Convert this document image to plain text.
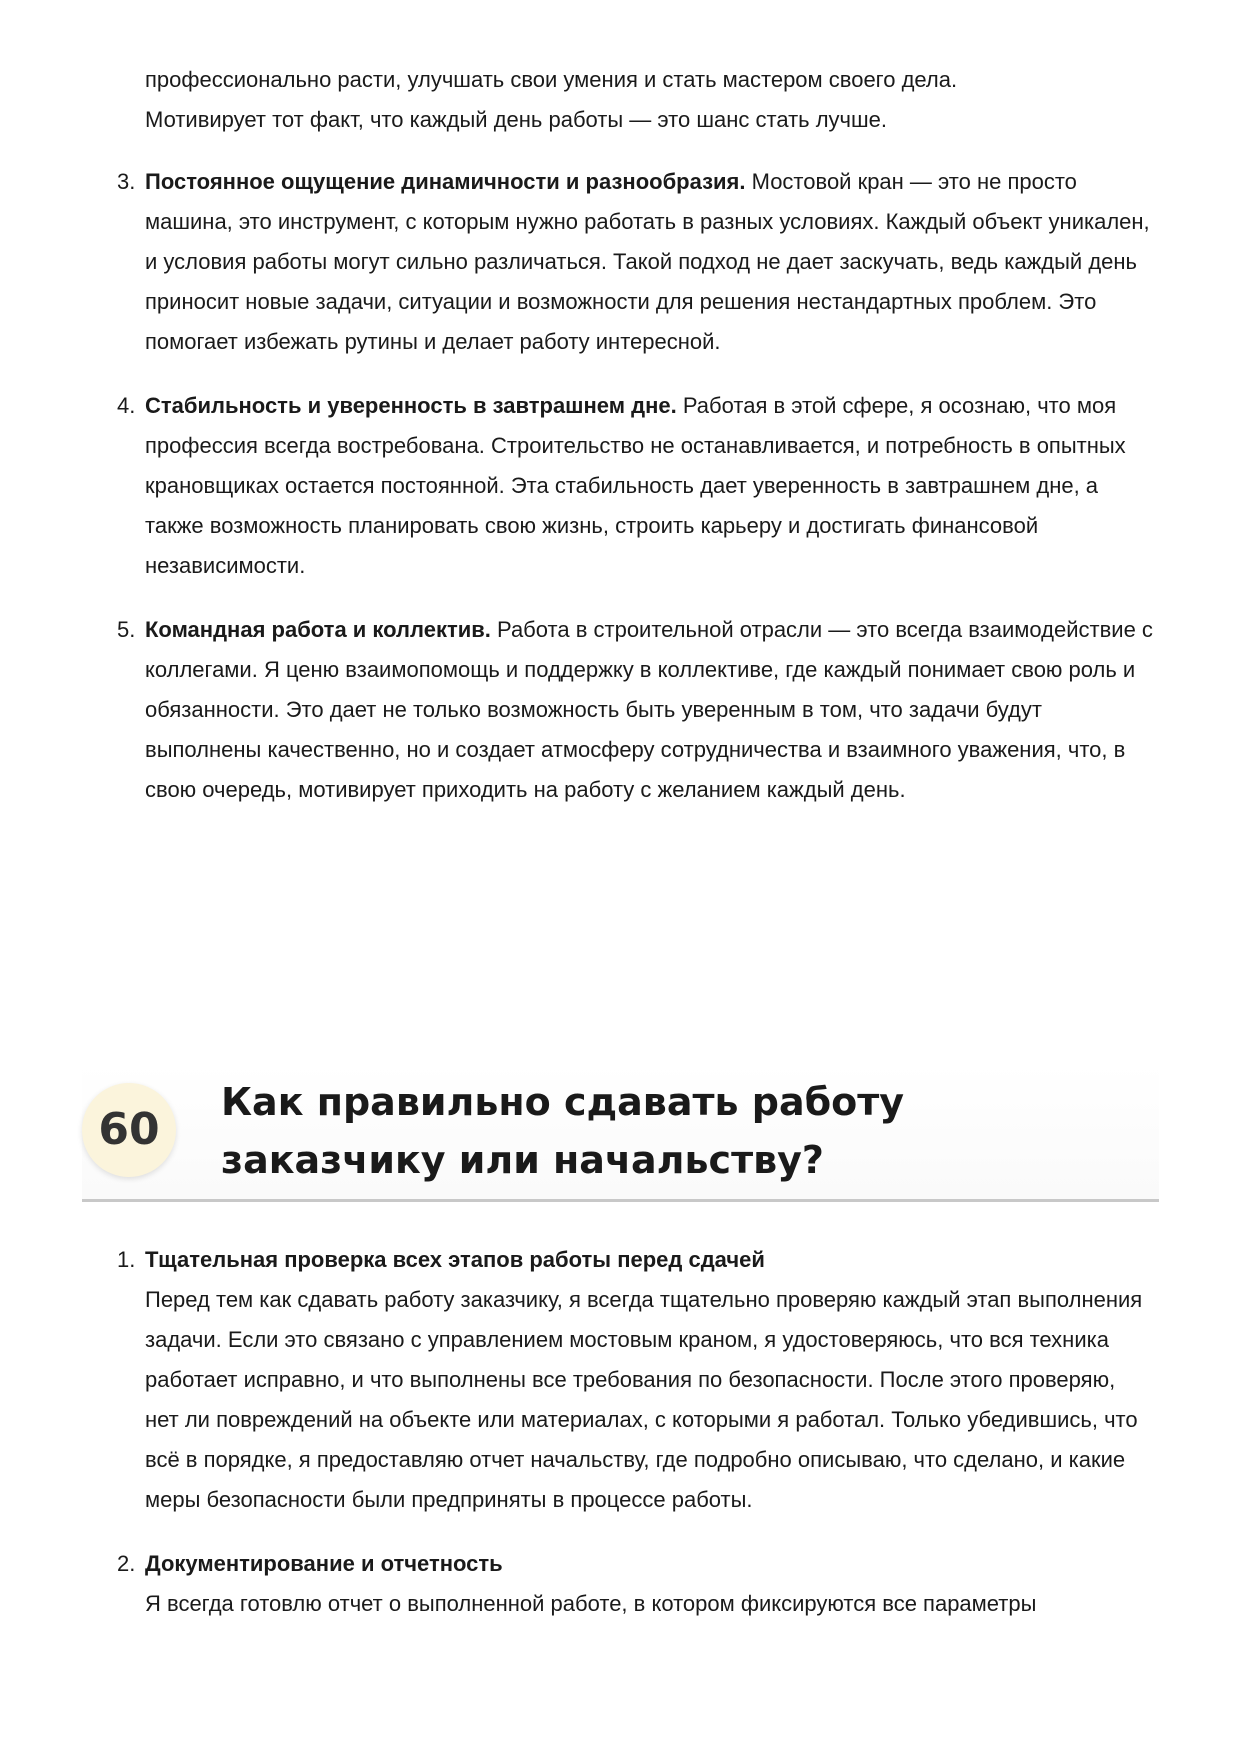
профессионально расти, улучшать свои умения и стать мастером своего дела.

Мотивирует тот факт, что каждый день работы — это шанс стать лучше.

3. Постоянное ощущение динамичности и разнообразия. Мостовой кран — это не просто машина, это инструмент, с которым нужно работать в разных условиях. Каждый объект уникален, и условия работы могут сильно различаться. Такой подход не дает заскучать, ведь каждый день приносит новые задачи, ситуации и возможности для решения нестандартных проблем. Это помогает избежать рутины и делает работу интересной.
4. Стабильность и уверенность в завтрашнем дне. Работая в этой сфере, я осознаю, что моя профессия всегда востребована. Строительство не останавливается, и потребность в опытных крановщиках остается постоянной. Эта стабильность дает уверенность в завтрашнем дне, а также возможность планировать свою жизнь, строить карьеру и достигать финансовой независимости.
5. Командная работа и коллектив. Работа в строительной отрасли — это всегда взаимодействие с коллегами. Я ценю взаимопомощь и поддержку в коллективе, где каждый понимает свою роль и обязанности. Это дает не только возможность быть уверенным в том, что задачи будут выполнены качественно, но и создает атмосферу сотрудничества и взаимного уважения, что, в свою очередь, мотивирует приходить на работу с желанием каждый день.
60
Как правильно сдавать работу заказчику или начальству?
1. Тщательная проверка всех этапов работы перед сдачей
Перед тем как сдавать работу заказчику, я всегда тщательно проверяю каждый этап выполнения задачи. Если это связано с управлением мостовым краном, я удостоверяюсь, что вся техника работает исправно, и что выполнены все требования по безопасности. После этого проверяю, нет ли повреждений на объекте или материалах, с которыми я работал. Только убедившись, что всё в порядке, я предоставляю отчет начальству, где подробно описываю, что сделано, и какие меры безопасности были предприняты в процессе работы.
2. Документирование и отчетность
Я всегда готовлю отчет о выполненной работе, в котором фиксируются все параметры
